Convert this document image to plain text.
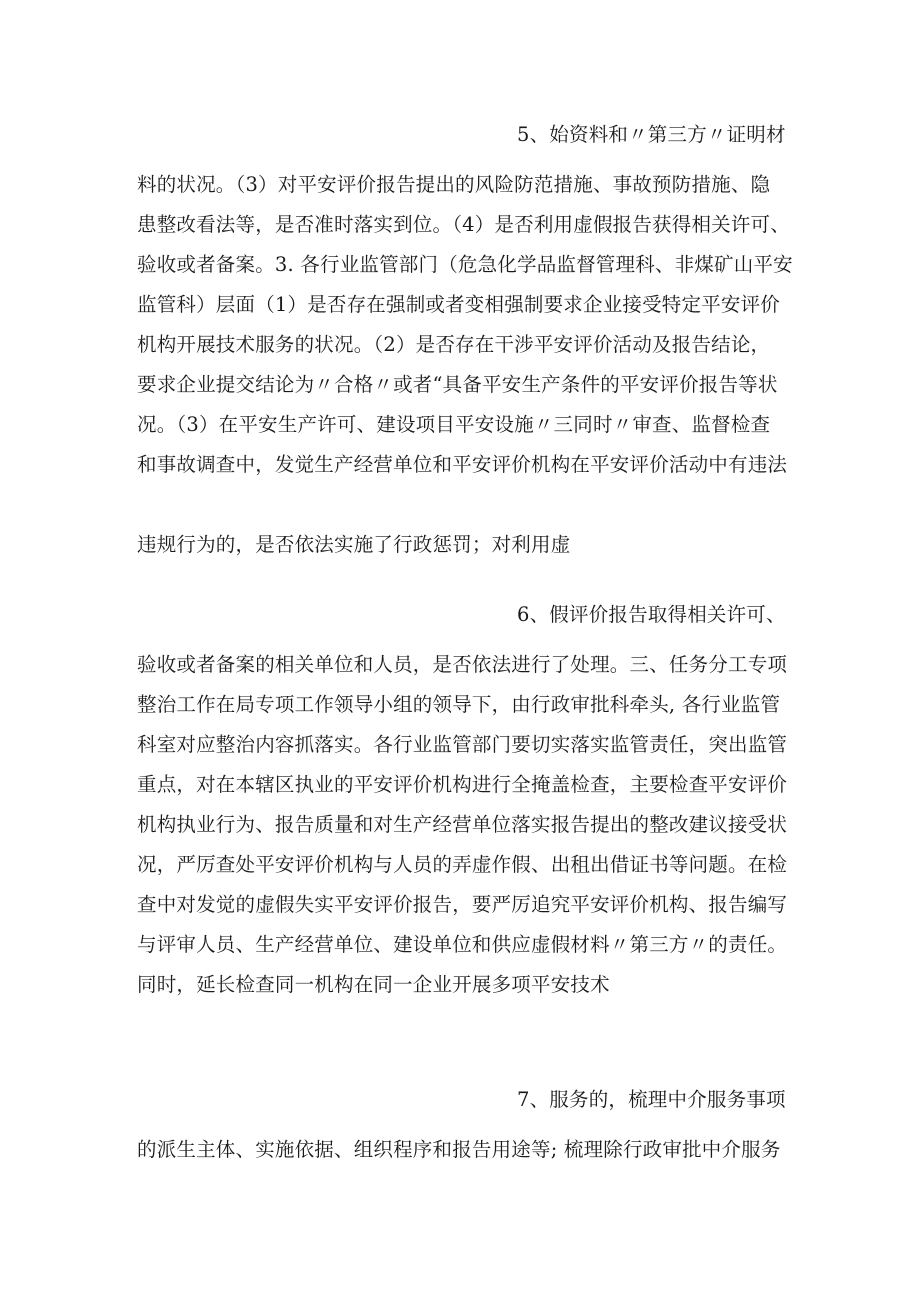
5、始资料和〃第三方〃证明材
料的状况。（3）对平安评价报告提出的风险防范措施、事故预防措施、隐
患整改看法等，是否准时落实到位。（4）是否利用虚假报告获得相关许可、
验收或者备案。3. 各行业监管部门（危急化学品监督管理科、非煤矿山平安
监管科）层面（1）是否存在强制或者变相强制要求企业接受特定平安评价
机构开展技术服务的状况。（2）是否存在干涉平安评价活动及报告结论，
要求企业提交结论为〃合格〃或者“具备平安生产条件的平安评价报告等状
况。（3）在平安生产许可、建设项目平安设施〃三同时〃审查、监督检查
和事故调查中，发觉生产经营单位和平安评价机构在平安评价活动中有违法
违规行为的，是否依法实施了行政惩罚；对利用虚
6、假评价报告取得相关许可、
验收或者备案的相关单位和人员，是否依法进行了处理。三、任务分工专项
整治工作在局专项工作领导小组的领导下，由行政审批科牵头, 各行业监管
科室对应整治内容抓落实。各行业监管部门要切实落实监管责任，突出监管
重点，对在本辖区执业的平安评价机构进行全掩盖检查，主要检查平安评价
机构执业行为、报告质量和对生产经营单位落实报告提出的整改建议接受状
况，严厉查处平安评价机构与人员的弄虚作假、出租出借证书等问题。在检
查中对发觉的虚假失实平安评价报告，要严厉追究平安评价机构、报告编写
与评审人员、生产经营单位、建设单位和供应虚假材料〃第三方〃的责任。
同时，延长检查同一机构在同一企业开展多项平安技术
7、服务的，梳理中介服务事项
的派生主体、实施依据、组织程序和报告用途等; 梳理除行政审批中介服务
